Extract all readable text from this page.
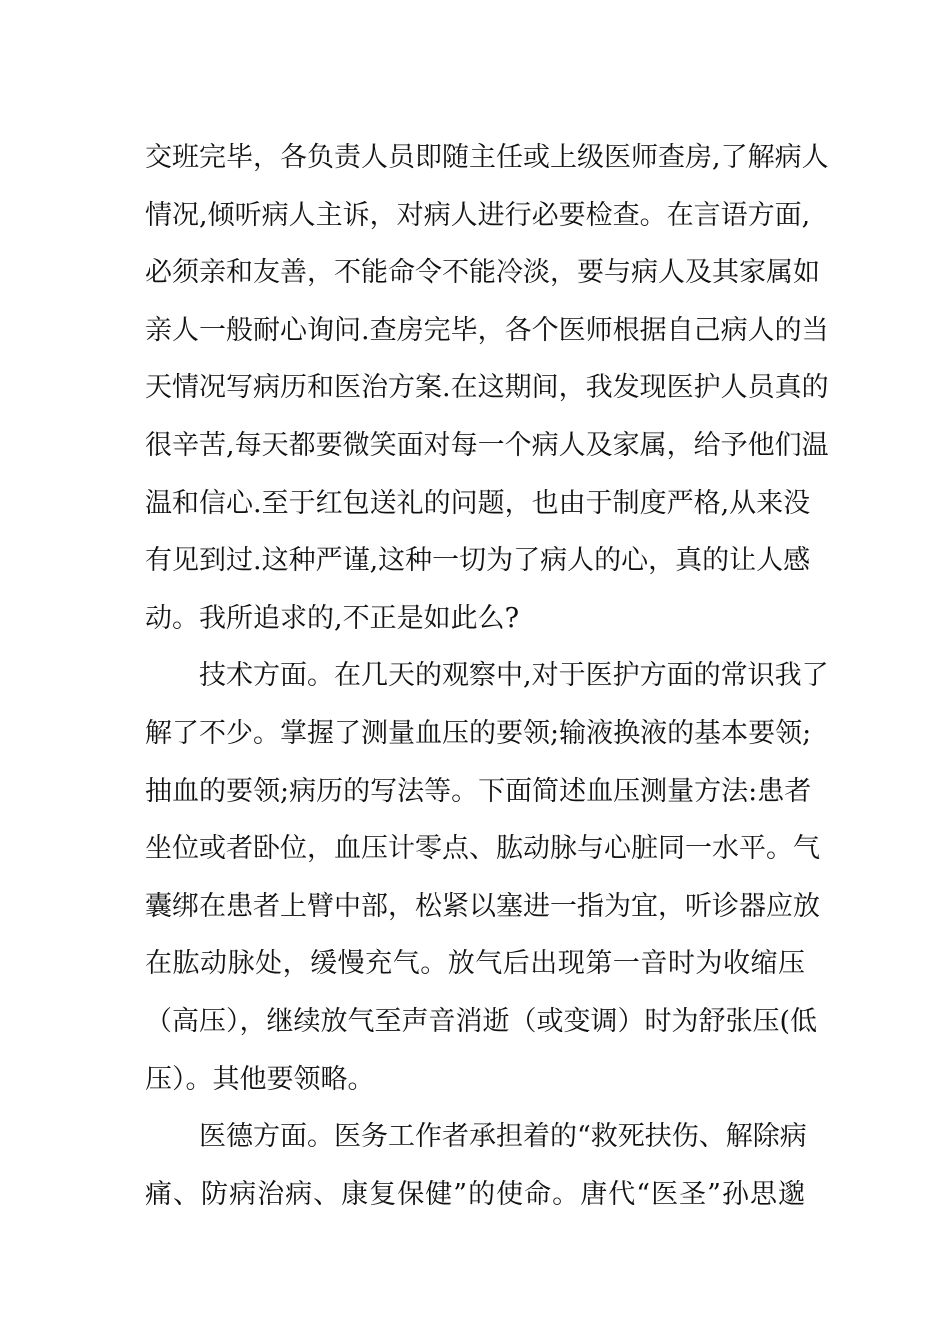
交班完毕，各负责人员即随主任或上级医师查房,了解病人
情况,倾听病人主诉，对病人进行必要检查。在言语方面,
必须亲和友善，不能命令不能冷淡，要与病人及其家属如
亲人一般耐心询问.查房完毕，各个医师根据自己病人的当
天情况写病历和医治方案.在这期间，我发现医护人员真的
很辛苦,每天都要微笑面对每一个病人及家属，给予他们温
温和信心.至于红包送礼的问题，也由于制度严格,从来没
有见到过.这种严谨,这种一切为了病人的心，真的让人感
动。我所追求的,不正是如此么?
技术方面。在几天的观察中,对于医护方面的常识我了
解了不少。掌握了测量血压的要领;输液换液的基本要领;
抽血的要领;病历的写法等。下面简述血压测量方法:患者
坐位或者卧位，血压计零点、肱动脉与心脏同一水平。气
囊绑在患者上臂中部，松紧以塞进一指为宜，听诊器应放
在肱动脉处，缓慢充气。放气后出现第一音时为收缩压
（高压），继续放气至声音消逝（或变调）时为舒张压(低
压）。其他要领略。
医德方面。医务工作者承担着的“救死扶伤、解除病
痛、防病治病、康复保健”的使命。唐代“医圣”孙思邈
